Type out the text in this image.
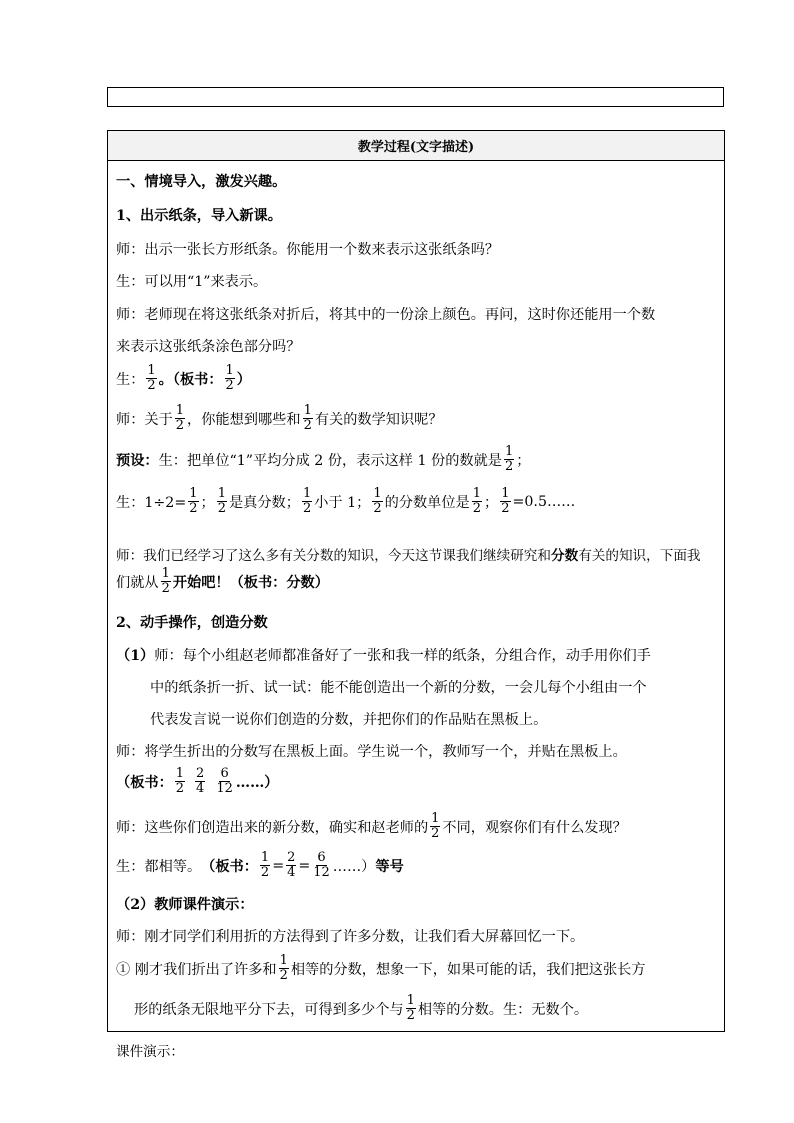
教学过程(文字描述)
一、情境导入，激发兴趣。
1、出示纸条，导入新课。
师：出示一张长方形纸条。你能用一个数来表示这张纸条吗？
生：可以用“1”来表示。
师：老师现在将这张纸条对折后，将其中的一份涂上颜色。再问，这时你还能用一个数
来表示这张纸条涂色部分吗？
生： $\frac{1}{2}$ 。（板书： $\frac{1}{2}$ ）
师：关于 $\frac{1}{2}$ ，你能想到哪些和 $\frac{1}{2}$ 有关的数学知识呢？
预设： 生：把单位“1”平均分成 2 份，表示这样 1 份的数就是 $\frac{1}{2}$ ；
生：$1\div 2= \frac{1}{2}$ ； $\frac{1}{2}$ 是真分数； $\frac{1}{2}$ 小于 1； $\frac{1}{2}$ 的分数单位是 $\frac{1}{2}$ ； $\frac{1}{2}$ =0.5……
师：我们已经学习了这么多有关分数的知识，今天这节课我们继续研究和 分数 有关的知识，下面我
们就从 $\frac{1}{2}$ 开始吧！（板书：分数）
2、动手操作，创造分数
（1） 师：每个小组赵老师都准备好了一张和我一样的纸条，分组合作，动手用你们手
中的纸条折一折、试一试：能不能创造出一个新的分数，一会儿每个小组由一个
代表发言说一说你们创造的分数，并把你们的作品贴在黑板上。
师：将学生折出的分数写在黑板上面。学生说一个，教师写一个，并贴在黑板上。
（板书： $\frac{1}{2} \frac{2}{4} \frac{6}{12}$ ……）
师：这些你们创造出来的新分数，确实和赵老师的 $\frac{1}{2}$ 不同，观察你们有什么发现？
生：都相等。 （板书： $\frac{1}{2} = \frac{2}{4} = \frac{6}{12}$ ……） 等号
（2）教师课件演示：
师：刚才同学们利用折的方法得到了许多分数，让我们看大屏幕回忆一下。
① 刚才我们折出了许多和 $\frac{1}{2}$ 相等的分数，想象一下，如果可能的话，我们把这张长方
形的纸条无限地平分下去，可得到多少个与 $\frac{1}{2}$ 相等的分数。生：无数个。
课件演示：
